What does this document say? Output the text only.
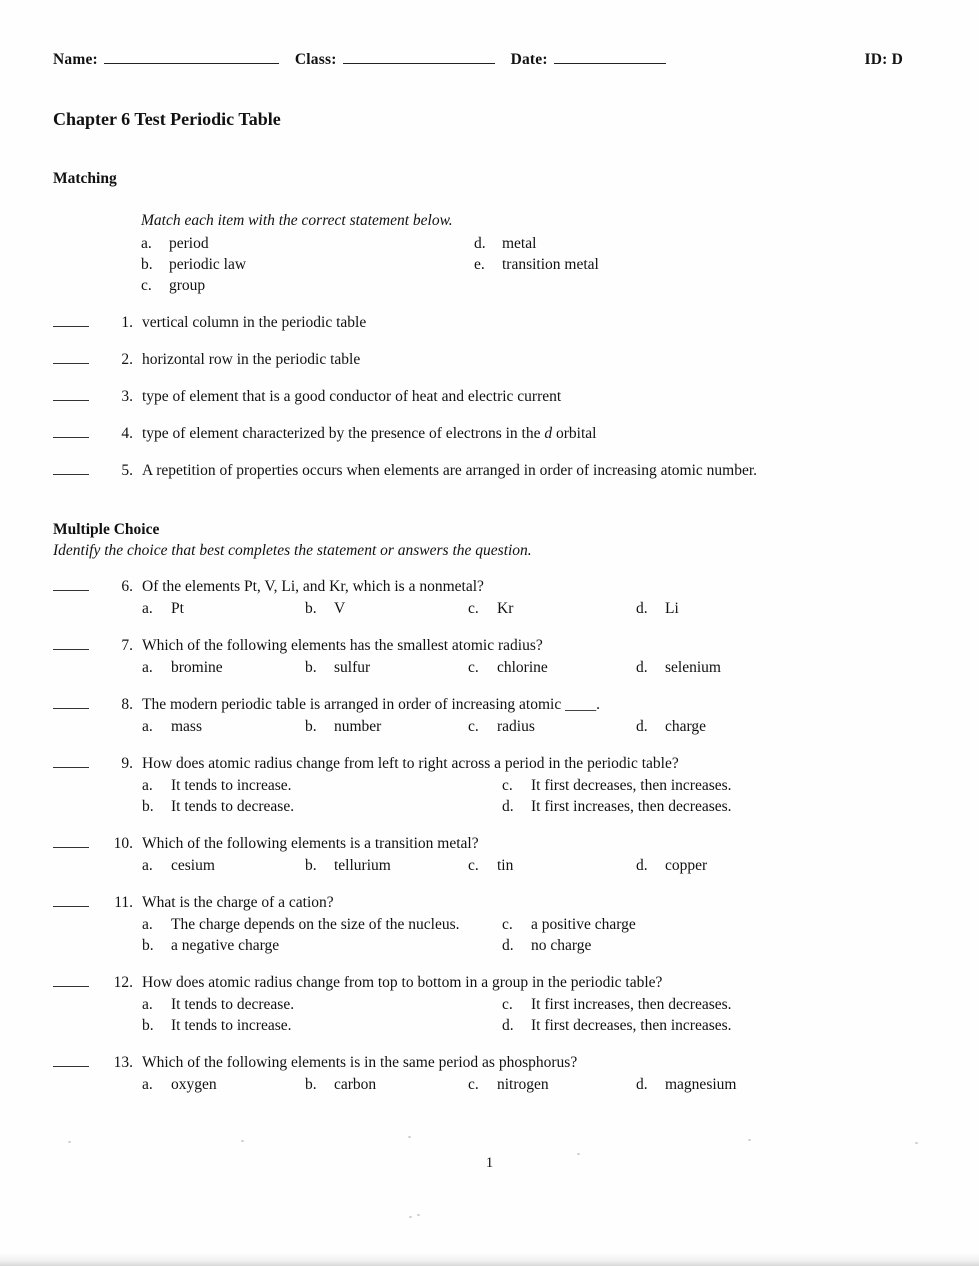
Name:	Class:	Date:	ID: D
Chapter 6 Test Periodic Table
Matching
Match each item with the correct statement below.
a.	period
b.	periodic law
c.	group
d.	metal
e.	transition metal
1. vertical column in the periodic table
2. horizontal row in the periodic table
3. type of element that is a good conductor of heat and electric current
4. type of element characterized by the presence of electrons in the d orbital
5. A repetition of properties occurs when elements are arranged in order of increasing atomic number.
Multiple Choice
Identify the choice that best completes the statement or answers the question.
6. Of the elements Pt, V, Li, and Kr, which is a nonmetal?
a.	Pt	b.	V	c.	Kr	d.	Li
7. Which of the following elements has the smallest atomic radius?
a.	bromine	b.	sulfur	c.	chlorine	d.	selenium
8. The modern periodic table is arranged in order of increasing atomic ____.
a.	mass	b.	number	c.	radius	d.	charge
9. How does atomic radius change from left to right across a period in the periodic table?
a.	It tends to increase.	c.	It first decreases, then increases.
b.	It tends to decrease.	d.	It first increases, then decreases.
10. Which of the following elements is a transition metal?
a.	cesium	b.	tellurium	c.	tin	d.	copper
11. What is the charge of a cation?
a.	The charge depends on the size of the nucleus.	c.	a positive charge
b.	a negative charge	d.	no charge
12. How does atomic radius change from top to bottom in a group in the periodic table?
a.	It tends to decrease.	c.	It first increases, then decreases.
b.	It tends to increase.	d.	It first decreases, then increases.
13. Which of the following elements is in the same period as phosphorus?
a.	oxygen	b.	carbon	c.	nitrogen	d.	magnesium
1
